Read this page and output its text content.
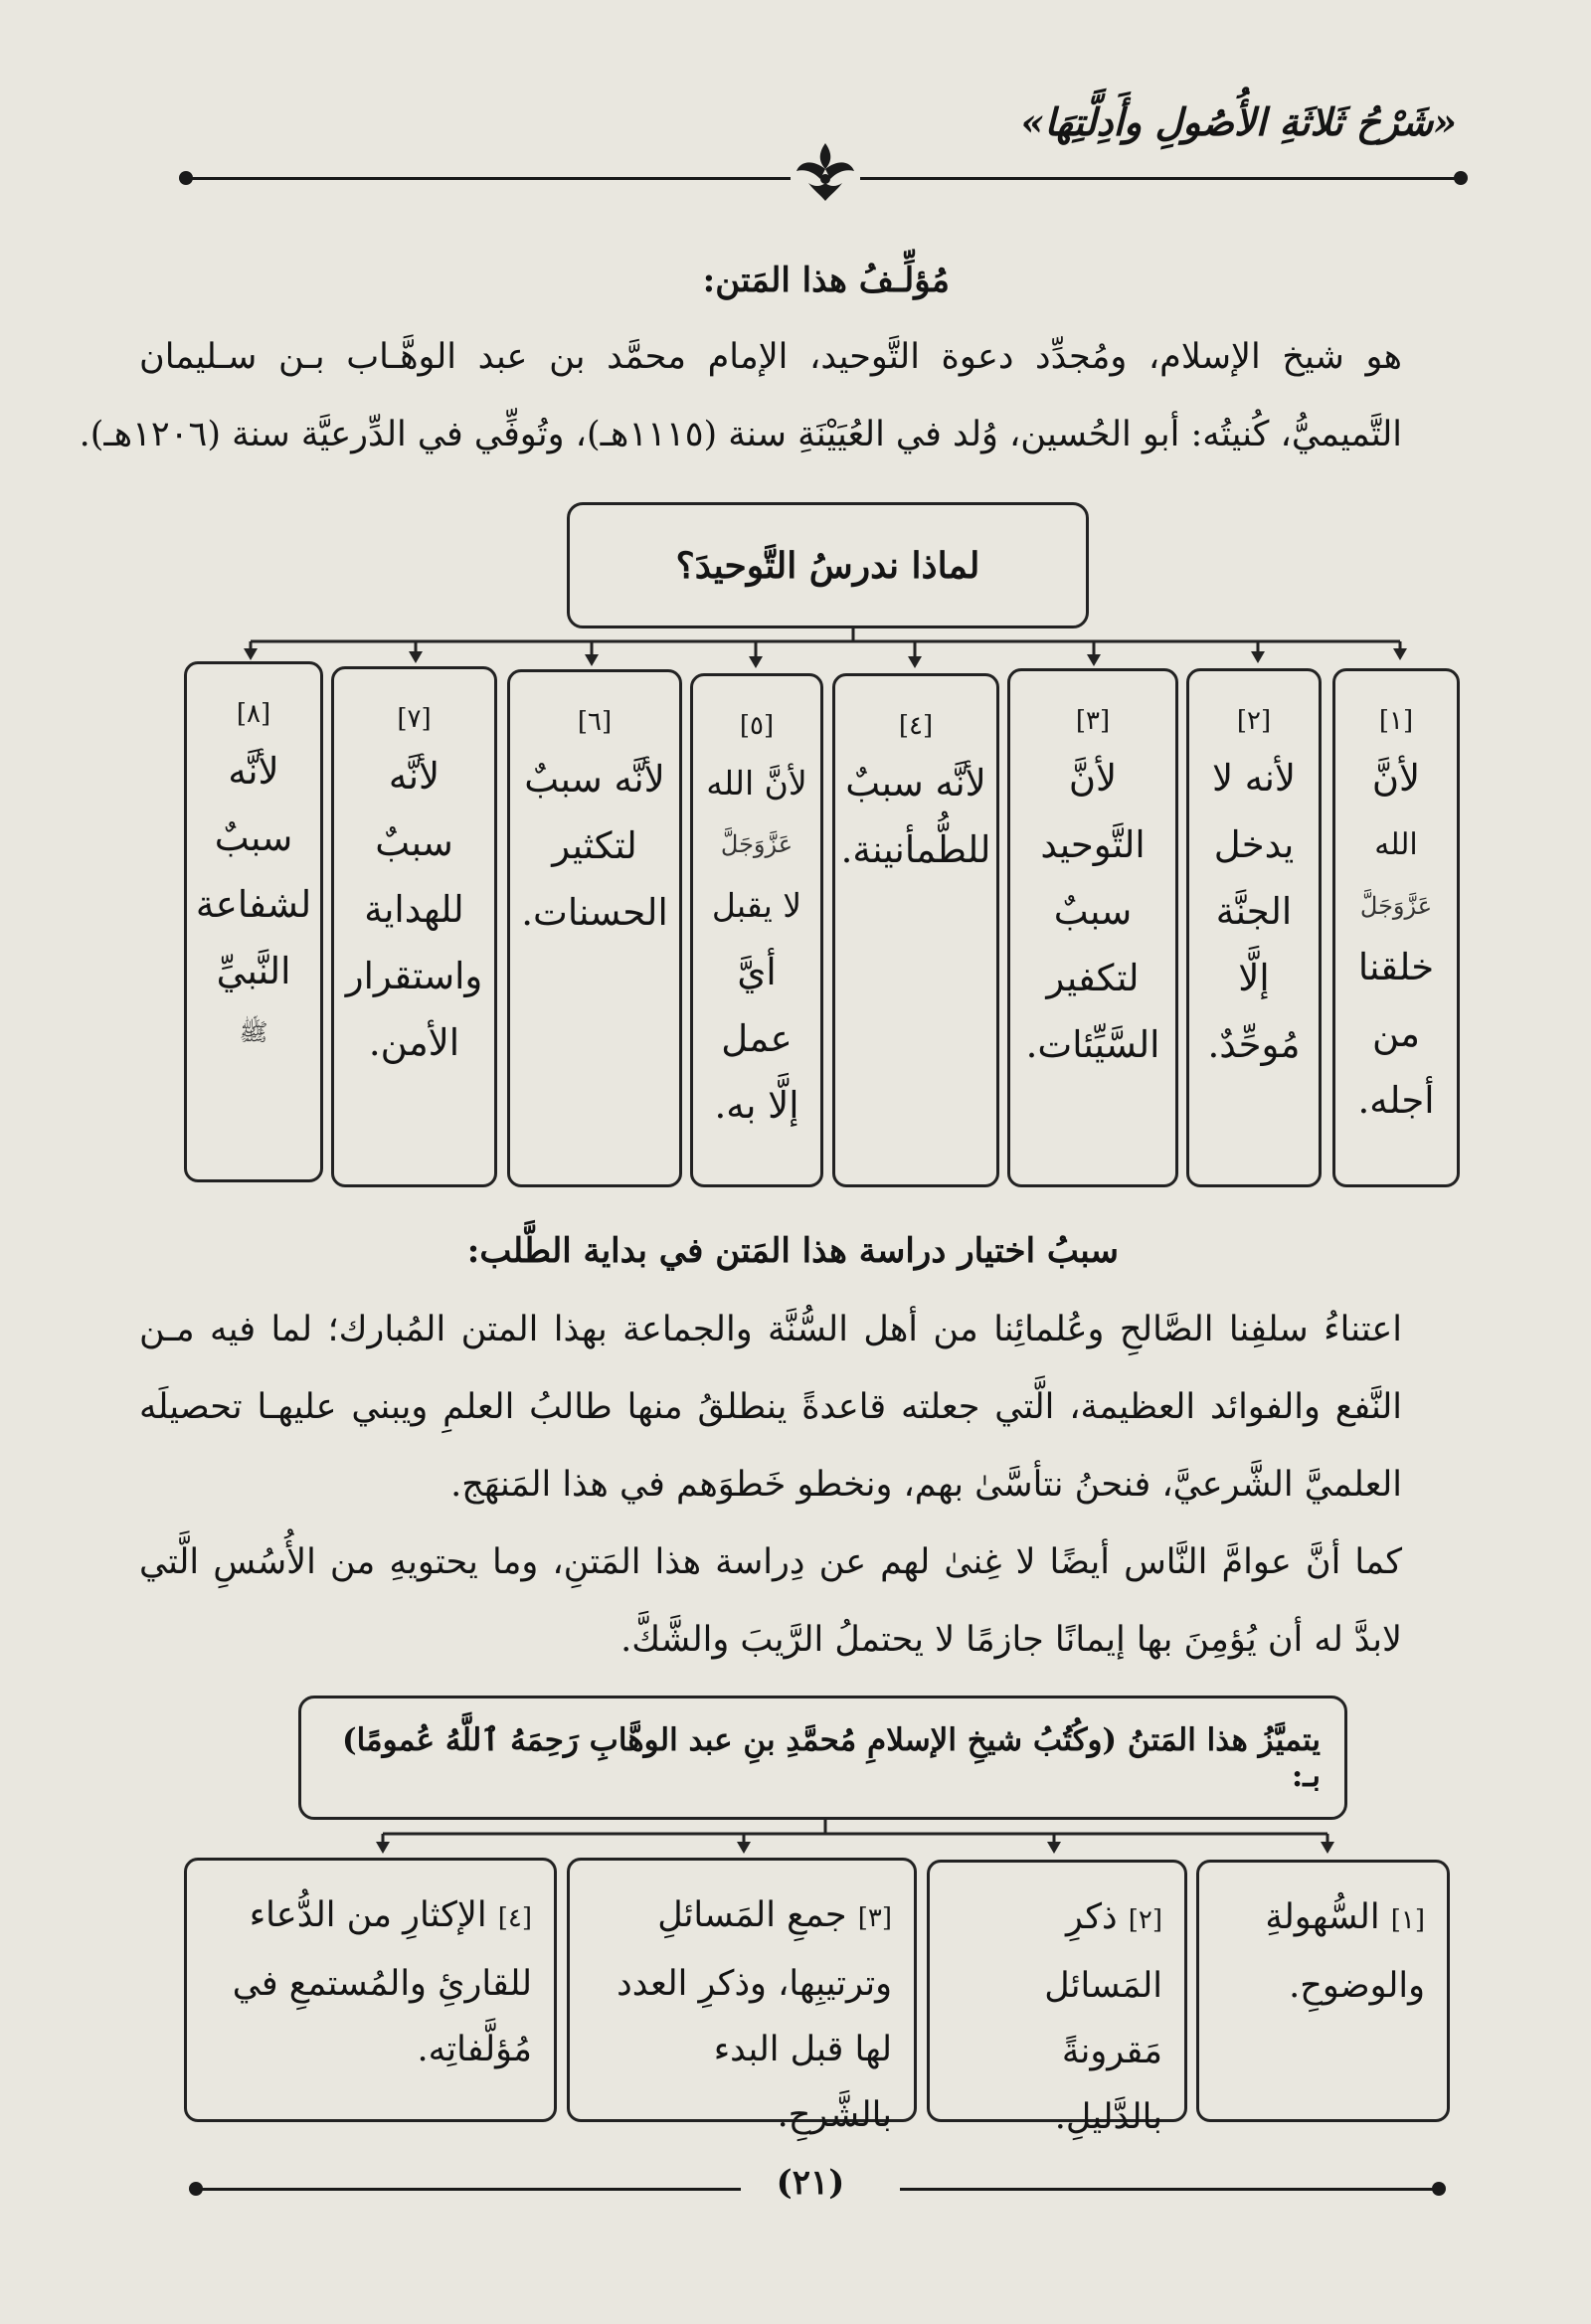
«شَرْحُ ثَلاثَةِ الأُصُولِ وأَدِلَّتِهَا»
مُؤلِّـفُ هذا المَتن:
هو شيخ الإسلام، ومُجدِّد دعوة التَّوحيد، الإمام محمَّد بن عبد الوهَّـاب بـن سـليمان
التَّميميُّ، كُنيتُه: أبو الحُسين، وُلد في العُيَيْنَةِ سنة (١١١٥هـ)، وتُوفِّي في الدِّرعيَّة سنة (١٢٠٦هـ).
لماذا ندرسُ التَّوحيدَ؟
[١]
لأنَّ
الله
عَزَّوَجَلَّ
خلقنا
من
أجله.
[٢]
لأنه لا
يدخل
الجنَّة
إلَّا
مُوحِّدٌ.
[٣]
لأنَّ
التَّوحيد
سببٌ
لتكفير
السَّيِّئات.
[٤]
لأنَّه سببٌ
للطُّمأنينة.
[٥]
لأنَّ الله
عَزَّوَجَلَّ
لا يقبل
أيَّ
عمل
إلَّا به.
[٦]
لأنَّه سببٌ
لتكثير
الحسنات.
[٧]
لأنَّه
سببٌ
للهداية
واستقرار
الأمن.
[٨]
لأنَّه
سببٌ
لشفاعة
النَّبيِّ
ﷺ
سببُ اختيار دراسة هذا المَتن في بداية الطَّلب:
اعتناءُ سلفِنا الصَّالحِ وعُلمائِنا من أهل السُّنَّة والجماعة بهذا المتن المُبارك؛ لما فيه مـن
النَّفع والفوائد العظيمة، الَّتي جعلته قاعدةً ينطلقُ منها طالبُ العلمِ ويبني عليهـا تحصيلَه
العلميَّ الشَّرعيَّ، فنحنُ نتأسَّىٰ بهم، ونخطو خَطوَهم في هذا المَنهَج.
كما أنَّ عوامَّ النَّاس أيضًا لا غِنىٰ لهم عن دِراسة هذا المَتنِ، وما يحتويهِ من الأُسُسِ الَّتي
لابدَّ له أن يُؤمِنَ بها إيمانًا جازمًا لا يحتملُ الرَّيبَ والشَّكَّ.
يتميَّزُ هذا المَتنُ (وكُتُبُ شيخِ الإسلامِ مُحمَّدِ بنِ عبد الوهَّابِ رَحِمَهُ ٱللَّهُ عُمومًا) بـ:
[١] السُّهولةِ
والوضوحِ.
[٢] ذكرِ المَسائل
مَقرونةً بالدَّليلِ.
[٣] جمعِ المَسائلِ
وترتيبِها، وذكرِ العدد
لها قبل البدء بالشَّرحِ.
[٤] الإكثارِ من الدُّعاء
للقارئِ والمُستمعِ في
مُؤلَّفاتِه.
(٢١)
